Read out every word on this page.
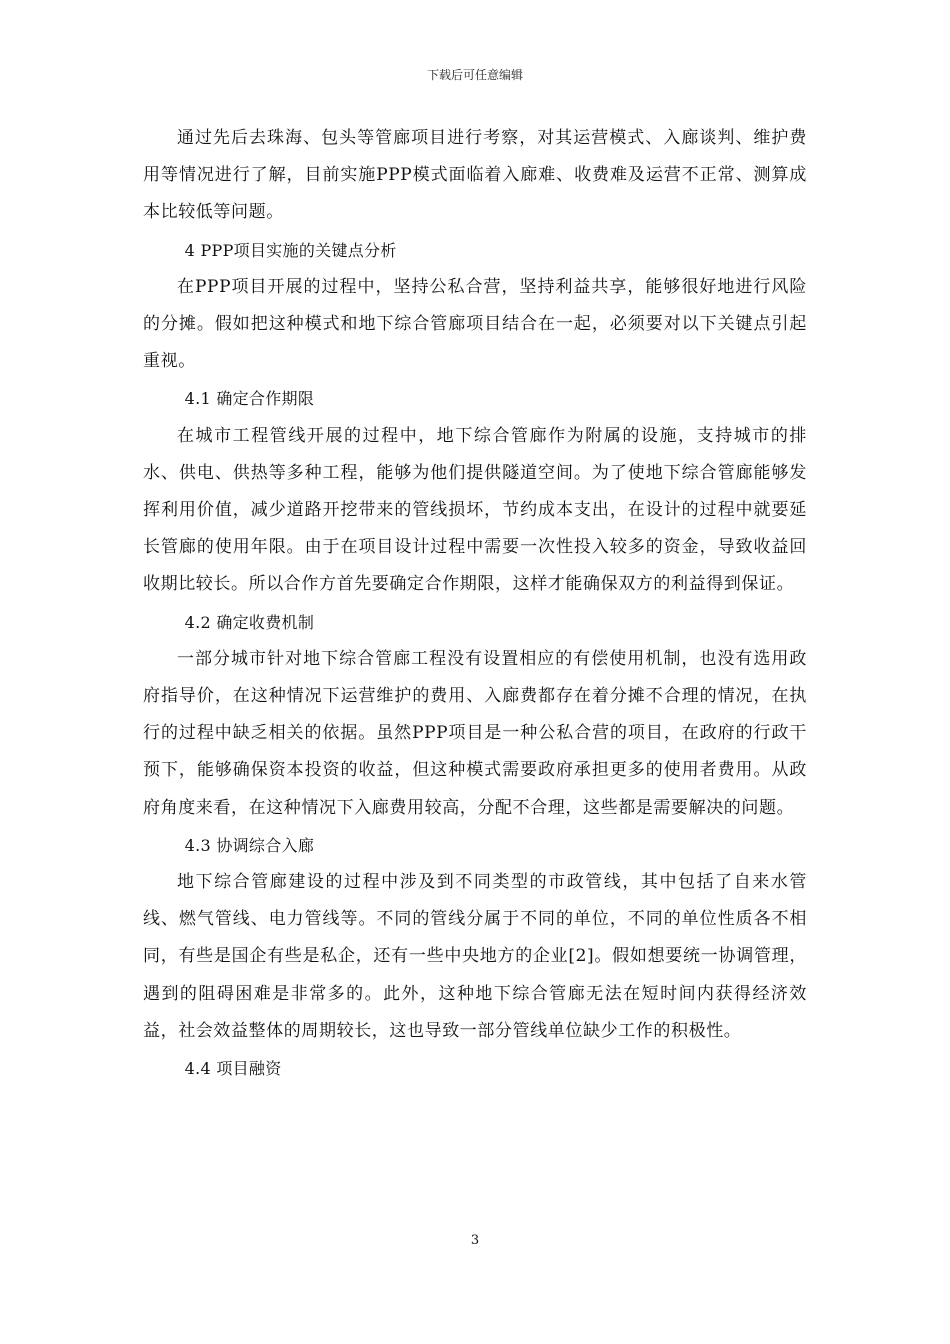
下载后可任意编辑

通过先后去珠海、包头等管廊项目进行考察，对其运营模式、入廊谈判、维护费用等情况进行了解，目前实施PPP模式面临着入廊难、收费难及运营不正常、测算成本比较低等问题。

4 PPP项目实施的关键点分析

在PPP项目开展的过程中，坚持公私合营，坚持利益共享，能够很好地进行风险的分摊。假如把这种模式和地下综合管廊项目结合在一起，必须要对以下关键点引起重视。

4.1 确定合作期限

在城市工程管线开展的过程中，地下综合管廊作为附属的设施，支持城市的排水、供电、供热等多种工程，能够为他们提供隧道空间。为了使地下综合管廊能够发挥利用价值，减少道路开挖带来的管线损坏，节约成本支出，在设计的过程中就要延长管廊的使用年限。由于在项目设计过程中需要一次性投入较多的资金，导致收益回收期比较长。所以合作方首先要确定合作期限，这样才能确保双方的利益得到保证。

4.2 确定收费机制

一部分城市针对地下综合管廊工程没有设置相应的有偿使用机制，也没有选用政府指导价，在这种情况下运营维护的费用、入廊费都存在着分摊不合理的情况，在执行的过程中缺乏相关的依据。虽然PPP项目是一种公私合营的项目，在政府的行政干预下，能够确保资本投资的收益，但这种模式需要政府承担更多的使用者费用。从政府角度来看，在这种情况下入廊费用较高，分配不合理，这些都是需要解决的问题。

4.3 协调综合入廊

地下综合管廊建设的过程中涉及到不同类型的市政管线，其中包括了自来水管线、燃气管线、电力管线等。不同的管线分属于不同的单位，不同的单位性质各不相同，有些是国企有些是私企，还有一些中央地方的企业[2]。假如想要统一协调管理，遇到的阻碍困难是非常多的。此外，这种地下综合管廊无法在短时间内获得经济效益，社会效益整体的周期较长，这也导致一部分管线单位缺少工作的积极性。

4.4 项目融资

3
